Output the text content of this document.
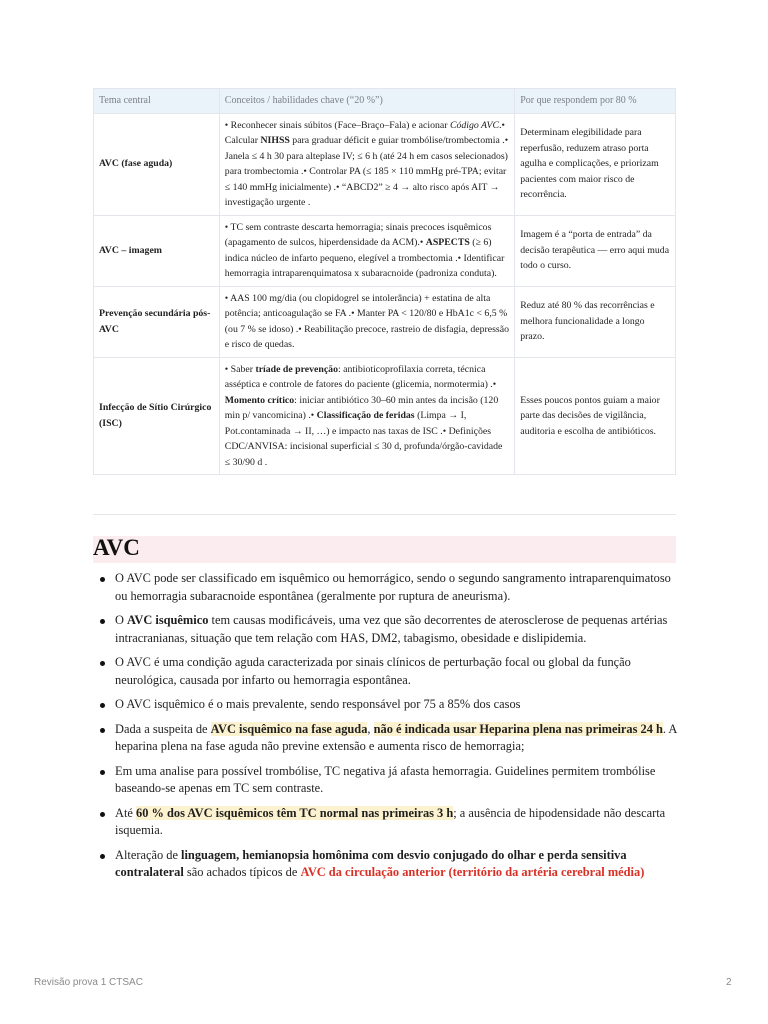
Tema central	Conceitos / habilidades chave (“20 %”)	Por que respondem por 80 %
AVC (fase aguda)	• Reconhecer sinais súbitos (Face–Braço–Fala) e acionar Código AVC.• Calcular NIHSS para graduar déficit e guiar trombólise/trombectomia .• Janela ≤ 4 h 30 para alteplase IV; ≤ 6 h (até 24 h em casos selecionados) para trombectomia .• Controlar PA (≤ 185 × 110 mmHg pré-TPA; evitar ≤ 140 mmHg inicialmente) .• “ABCD2” ≥ 4 → alto risco após AIT → investigação urgente .	Determinam elegibilidade para reperfusão, reduzem atraso porta agulha e complicações, e priorizam pacientes com maior risco de recorrência.
AVC – imagem	• TC sem contraste descarta hemorragia; sinais precoces isquêmicos (apagamento de sulcos, hiperdensidade da ACM).• ASPECTS (≥ 6) indica núcleo de infarto pequeno, elegível a trombectomia .• Identificar hemorragia intraparenquimatosa x subaracnoide (padroniza conduta).	Imagem é a “porta de entrada” da decisão terapêutica — erro aqui muda todo o curso.
Prevenção secundária pós-AVC	• AAS 100 mg/dia (ou clopidogrel se intolerância) + estatina de alta potência; anticoagulação se FA .• Manter PA < 120/80 e HbA1c < 6,5 % (ou 7 % se idoso) .• Reabilitação precoce, rastreio de disfagia, depressão e risco de quedas.	Reduz até 80 % das recorrências e melhora funcionalidade a longo prazo.
Infecção de Sítio Cirúrgico (ISC)	• Saber tríade de prevenção: antibioticoprofilaxia correta, técnica asséptica e controle de fatores do paciente (glicemia, normotermia) .• Momento crítico: iniciar antibiótico 30–60 min antes da incisão (120 min p/ vancomicina) .• Classificação de feridas (Limpa → I, Pot.contaminada → II, …) e impacto nas taxas de ISC .• Definições CDC/ANVISA: incisional superficial ≤ 30 d, profunda/órgão-cavidade ≤ 30/90 d .	Esses poucos pontos guiam a maior parte das decisões de vigilância, auditoria e escolha de antibióticos.
AVC
O AVC pode ser classificado em isquêmico ou hemorrágico, sendo o segundo sangramento intraparenquimatoso ou hemorragia subaracnoide espontânea (geralmente por ruptura de aneurisma).
O AVC isquêmico tem causas modificáveis, uma vez que são decorrentes de aterosclerose de pequenas artérias intracranianas, situação que tem relação com HAS, DM2, tabagismo, obesidade e dislipidemia.
O AVC é uma condição aguda caracterizada por sinais clínicos de perturbação focal ou global da função neurológica, causada por infarto ou hemorragia espontânea.
O AVC isquêmico é o mais prevalente, sendo responsável por 75 a 85% dos casos
Dada a suspeita de AVC isquêmico na fase aguda, não é indicada usar Heparina plena nas primeiras 24 h. A heparina plena na fase aguda não previne extensão e aumenta risco de hemorragia;
Em uma analise para possível trombólise, TC negativa já afasta hemorragia. Guidelines permitem trombólise baseando-se apenas em TC sem contraste.
Até 60 % dos AVC isquêmicos têm TC normal nas primeiras 3 h; a ausência de hipodensidade não descarta isquemia.
Alteração de linguagem, hemianopsia homônima com desvio conjugado do olhar e perda sensitiva contralateral são achados típicos de AVC da circulação anterior (território da artéria cerebral média)
Revisão prova 1 CTSAC	2
